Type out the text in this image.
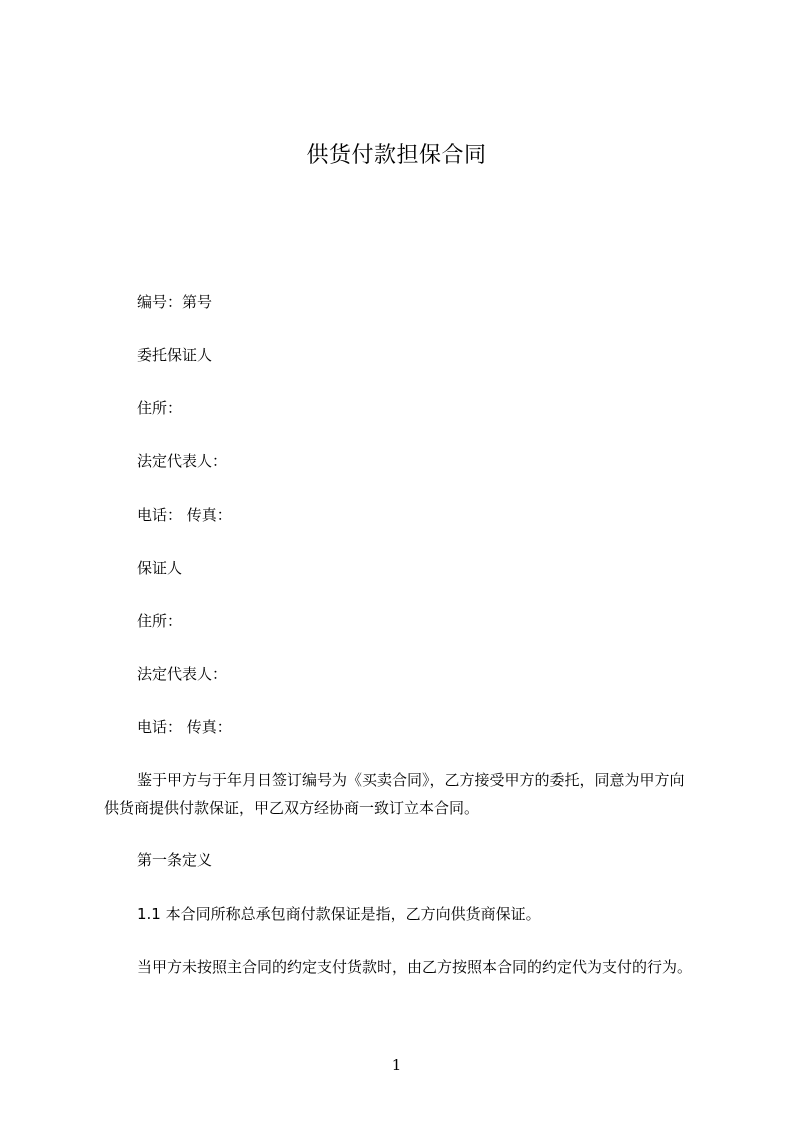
供货付款担保合同
编号：第号
委托保证人
住所：
法定代表人：
电话： 传真：
保证人
住所：
法定代表人：
电话： 传真：
鉴于甲方与于年月日签订编号为《买卖合同》，乙方接受甲方的委托，同意为甲方向供货商提供付款保证，甲乙双方经协商一致订立本合同。
第一条定义
1.1 本合同所称总承包商付款保证是指，乙方向供货商保证。
当甲方未按照主合同的约定支付货款时，由乙方按照本合同的约定代为支付的行为。
1
